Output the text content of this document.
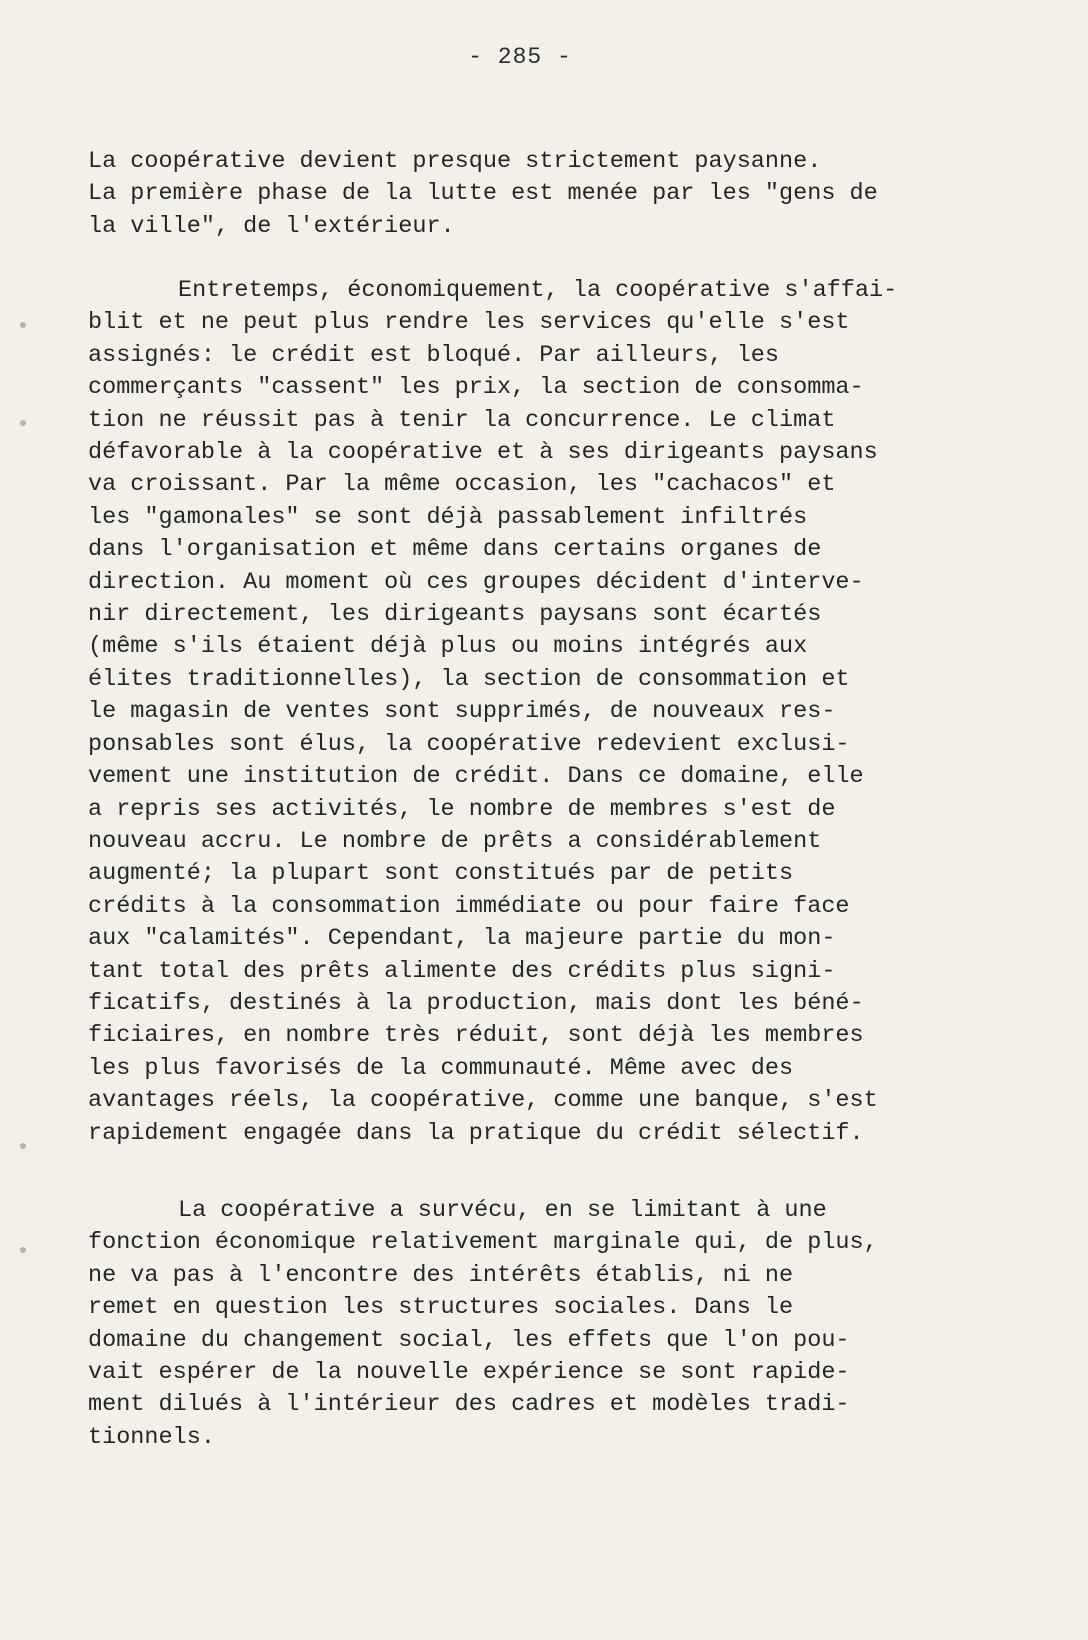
- 285 -
La coopérative devient presque strictement paysanne.
La première phase de la lutte est menée par les "gens de
la ville", de l'extérieur.
Entretemps, économiquement, la coopérative s'affai-
blit et ne peut plus rendre les services qu'elle s'est
assignés: le crédit est bloqué. Par ailleurs, les
commerçants "cassent" les prix, la section de consomma-
tion ne réussit pas à tenir la concurrence. Le climat
défavorable à la coopérative et à ses dirigeants paysans
va croissant. Par la même occasion, les "cachacos" et
les "gamonales" se sont déjà passablement infiltrés
dans l'organisation et même dans certains organes de
direction. Au moment où ces groupes décident d'interve-
nir directement, les dirigeants paysans sont écartés
(même s'ils étaient déjà plus ou moins intégrés aux
élites traditionnelles), la section de consommation et
le magasin de ventes sont supprimés, de nouveaux res-
ponsables sont élus, la coopérative redevient exclusi-
vement une institution de crédit. Dans ce domaine, elle
a repris ses activités, le nombre de membres s'est de
nouveau accru. Le nombre de prêts a considérablement
augmenté; la plupart sont constitués par de petits
crédits à la consommation immédiate ou pour faire face
aux "calamités". Cependant, la majeure partie du mon-
tant total des prêts alimente des crédits plus signi-
ficatifs, destinés à la production, mais dont les béné-
ficiaires, en nombre très réduit, sont déjà les membres
les plus favorisés de la communauté. Même avec des
avantages réels, la coopérative, comme une banque, s'est
rapidement engagée dans la pratique du crédit sélectif.
La coopérative a survécu, en se limitant à une
fonction économique relativement marginale qui, de plus,
ne va pas à l'encontre des intérêts établis, ni ne
remet en question les structures sociales. Dans le
domaine du changement social, les effets que l'on pou-
vait espérer de la nouvelle expérience se sont rapide-
ment dilués à l'intérieur des cadres et modèles tradi-
tionnels.
